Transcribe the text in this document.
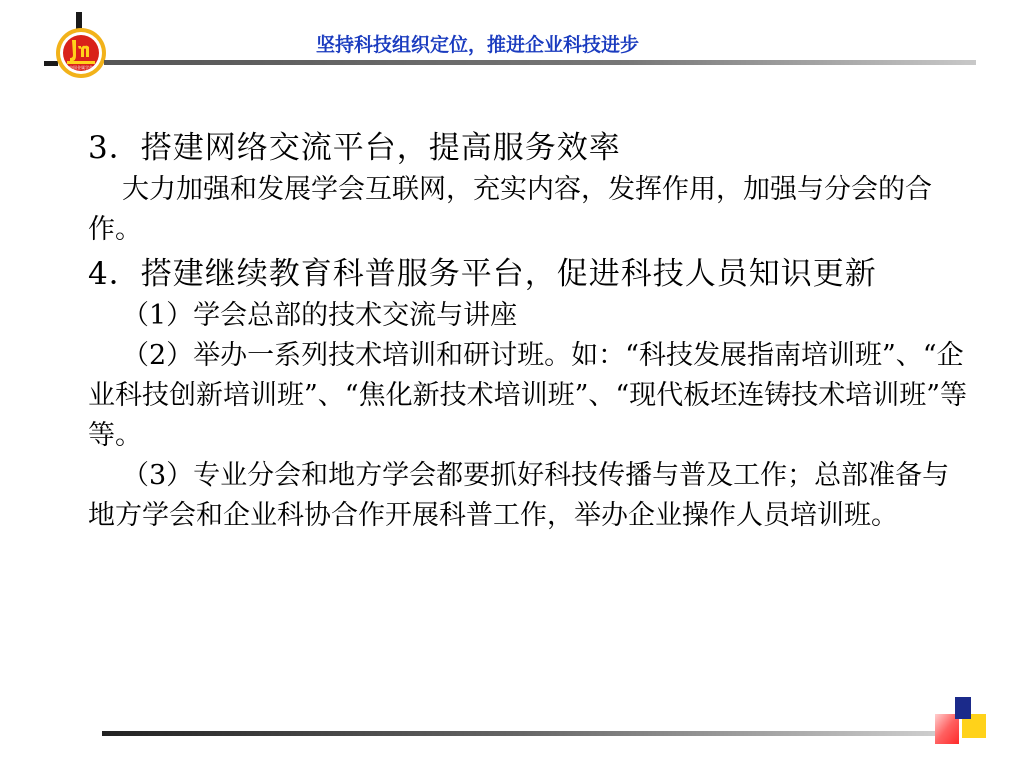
中国金属学会
坚持科技组织定位，推进企业科技进步

3．搭建网络交流平台，提高服务效率

大力加强和发展学会互联网，充实内容，发挥作用，加强与分会的合作。

4．搭建继续教育科普服务平台，促进科技人员知识更新

（1）学会总部的技术交流与讲座

（2）举办一系列技术培训和研讨班。如：“科技发展指南培训班”、“企业科技创新培训班”、“焦化新技术培训班”、“现代板坯连铸技术培训班”等等。

（3）专业分会和地方学会都要抓好科技传播与普及工作；总部准备与地方学会和企业科协合作开展科普工作，举办企业操作人员培训班。
